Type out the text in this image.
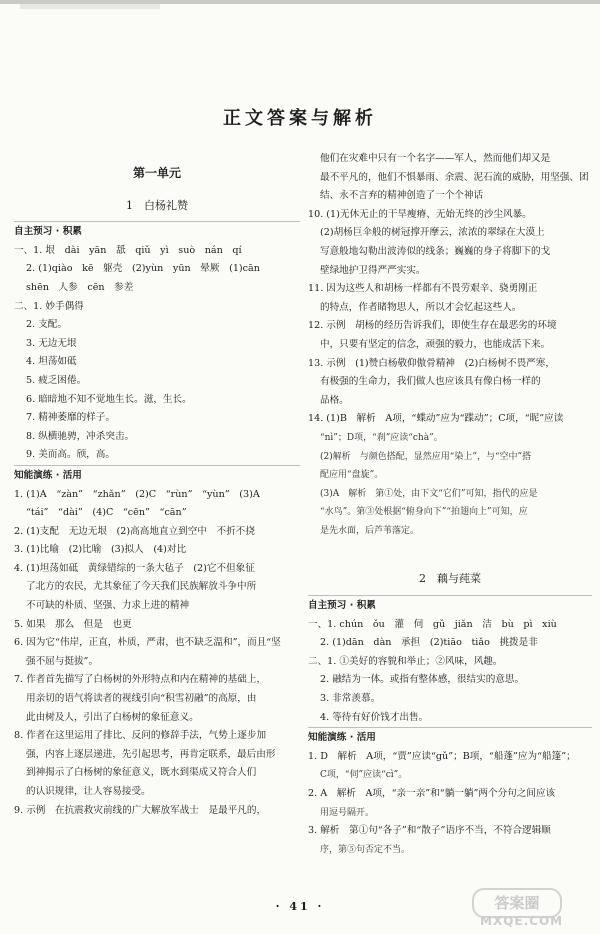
正文答案与解析
第一单元
1　白杨礼赞
自主预习 · 积累
一、1. 垠　dài　yān　舐　qiǔ　yì　suò　nán　qí
2. (1)qiào　kē　躯壳　(2)yùn　yūn　晕厥　(1)cān
shēn　人参　cēn　参差
二、1. 妙手偶得
2. 支配。
3. 无边无垠
4. 坦荡如砥
5. 疲乏困倦。
6. 暗暗地不知不觉地生长。滋，生长。
7. 精神萎靡的样子。
8. 纵横驰骋，冲杀突击。
9. 美而高。颀，高。
知能演练 · 活用
1. (1)A　“zàn”　“zhǎn”　(2)C　“rùn”　“yùn”　(3)A
“tái”　“dài”　(4)C　“cēn”　“cān”
2. (1)支配　无边无垠　(2)高高地直立到空中　不折不挠
3. (1)比喻　(2)比喻　(3)拟人　(4)对比
4. (1)坦荡如砥　黄绿错综的一条大毡子　(2)它不但象征
了北方的农民，尤其象征了今天我们民族解放斗争中所
不可缺的朴质、坚强、力求上进的精神
5. 如果　那么　但是　也更
6. 因为它“伟岸，正直，朴质，严肃，也不缺乏温和”，而且“坚
强不屈与挺拔”。
7. 作者首先描写了白杨树的外形特点和内在精神的基础上，
用亲切的语气将读者的视线引向“积雪初融”的高原，由
此由树及人，引出了白杨树的象征意义。
8. 作者在这里运用了排比、反问的修辞手法，气势上逐步加
强，内容上逐层递进，先引起思考，再肯定联系，最后由形
到神揭示了白杨树的象征意义，既水到渠成又符合人们
的认识规律，让人容易接受。
9. 示例　在抗震救灾前线的广大解放军战士　是最平凡的，
他们在灾难中只有一个名字——军人，然而他们却又是
最不平凡的，他们不惧暴雨、余震、泥石流的威胁，用坚强、团
结、永不言弃的精神创造了一个个神话
10. (1)无休无止的干旱瘦瘠、无始无终的沙尘风暴。
(2)胡杨巨伞般的树冠撑开摩云，浓浓的翠绿在大漠上
写意般地勾勒出波涛似的线条；巍巍的身子将脚下的戈
壁绿地护卫得严严实实。
11. 因为这些人和胡杨一样都有不畏劳艰辛、骁勇刚正
的特点，作者睹物思人，所以才会忆起这些人。
12. 示例　胡杨的经历告诉我们，即使生存在最恶劣的环境
中，只要有坚定的信念，顽强的毅力，也能成活下来。
13. 示例　(1)赞白杨敬仰傲骨精神　(2)白杨树不畏严寒，
有极强的生命力，我们做人也应该具有像白杨一样的
品格。
14. (1)B　解析　A项，“蝶动”应为“蹀动”；C项，“昵”应读
“nì”；D项，“刹”应读“chà”。
(2)解析　与颜色搭配，显然应用“染上”，与“空中”搭
配应用“盘旋”。
(3)A　解析　第①处，由下文“它们”可知，指代的应是
“水鸟”。第③处根据“俯身向下”“拍翅向上”可知，应
是先水面，后芦苇落定。
2　藕与莼菜
自主预习 · 积累
一、1. chún　ǒu　灌　伺　gǔ　jiǎn　洁　bù　pì　xiù
2. (1)dān　dàn　承担　(2)tiāo　tiǎo　挑拨是非
二、1. ①美好的容貌和举止；②风味，风趣。
2. 融结为一体。或指有整体感，很结实的意思。
3. 非常羡慕。
4. 等待有好价钱才出售。
知能演练 · 活用
1. D　解析　A项，“贾”应读“gǔ”；B项，“船蓬”应为“船篷”；
C项，“伺”应读“cì”。
2. A　解析　A项，“亲一亲”和“躺一躺”两个分句之间应该
用逗号隔开。
3. 解析　第①句“各子”和“散子”语序不当，不符合逻辑顺
序，第⑤句否定不当。
· 41 ·	答案圈
MXQE.COM
